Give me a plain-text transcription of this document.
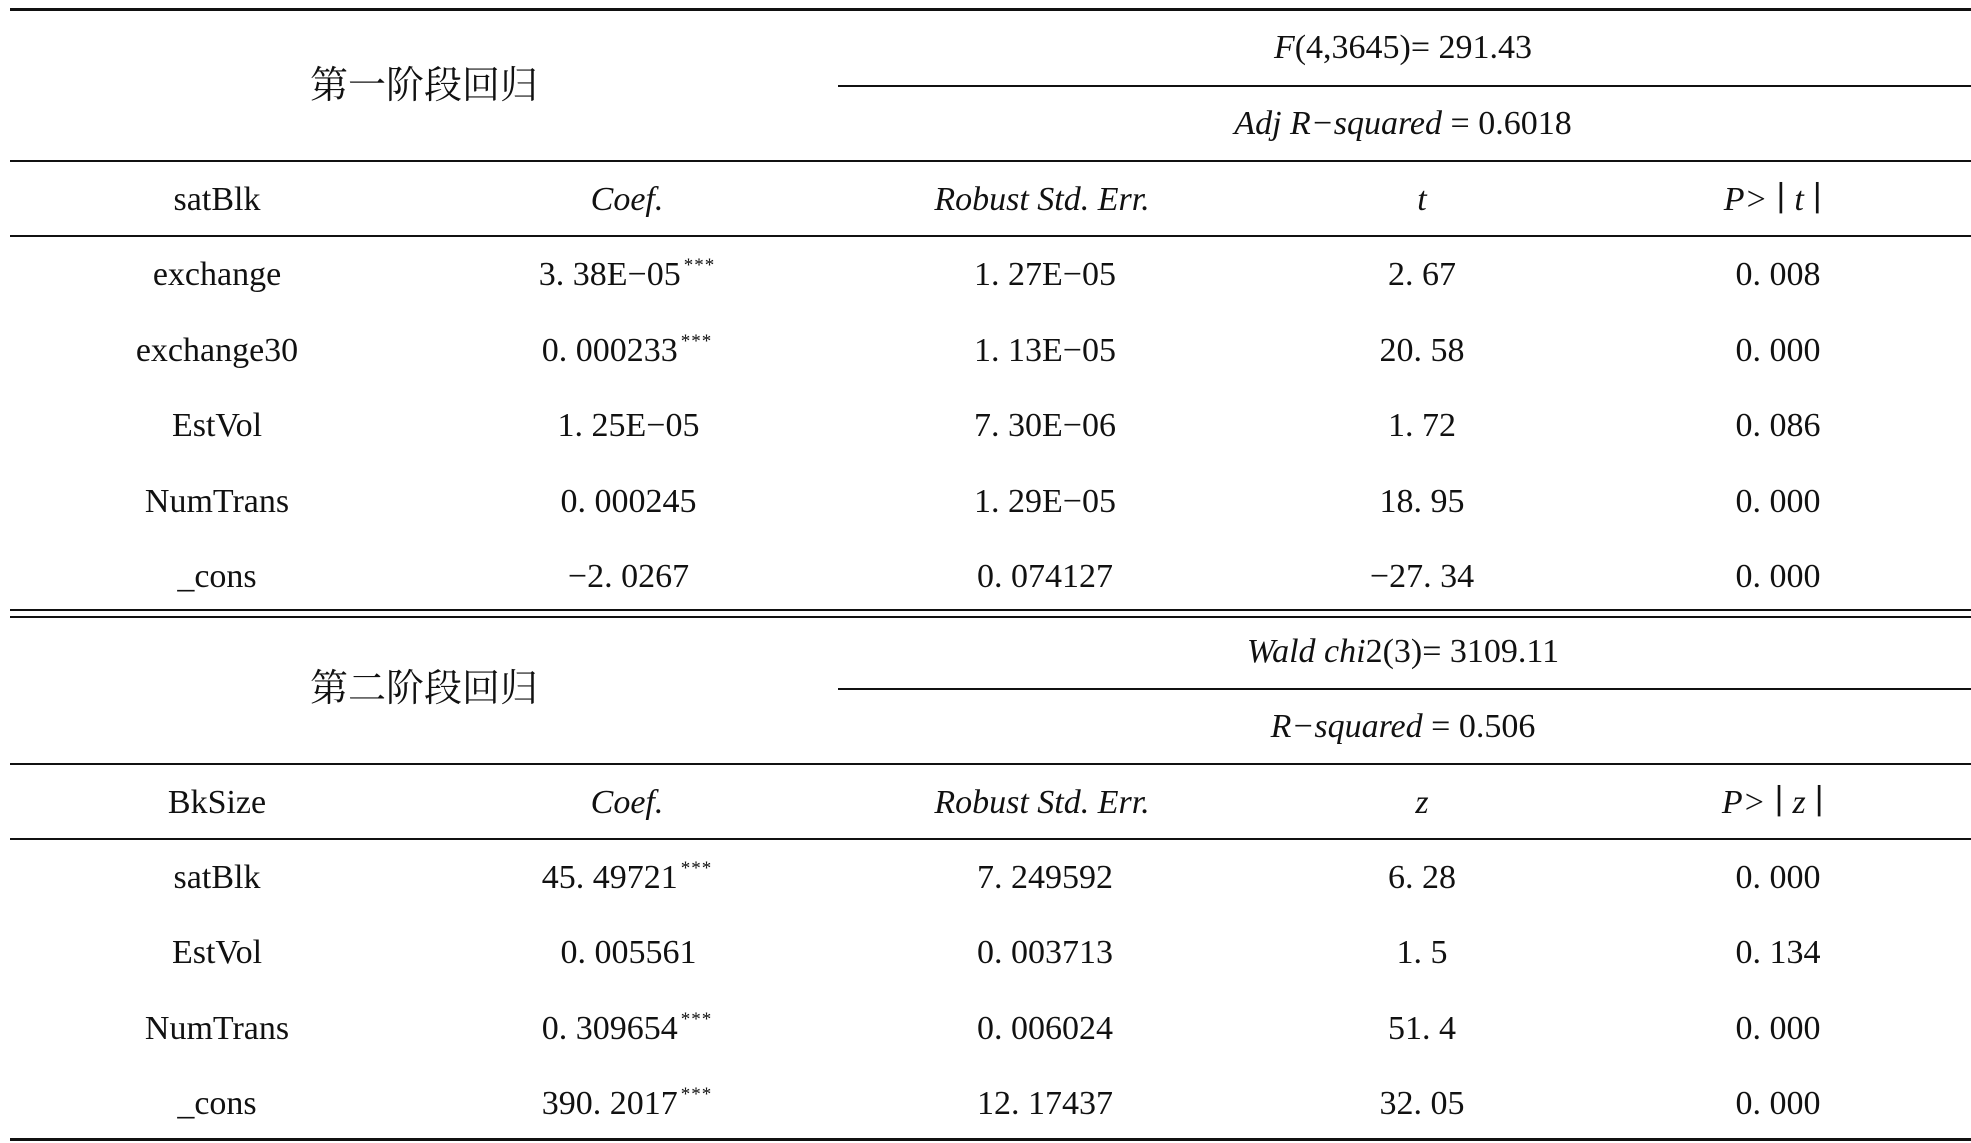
第一阶段回归
F(4,3645)= 291.43
Adj R−squared = 0.6018
satBlk	Coef.	Robust Std. Err.	t	P> ∣ t ∣
exchange	3. 38E−05 ***	1. 27E−05	2. 67	0. 008
exchange30	0. 000233 ***	1. 13E−05	20. 58	0. 000
EstVol	1. 25E−05	7. 30E−06	1. 72	0. 086
NumTrans	0. 000245	1. 29E−05	18. 95	0. 000
_cons	−2. 0267	0. 074127	−27. 34	0. 000
第二阶段回归
Wald chi2(3)= 3109.11
R−squared = 0.506
BkSize	Coef.	Robust Std. Err.	z	P> ∣ z ∣
satBlk	45. 49721 ***	7. 249592	6. 28	0. 000
EstVol	0. 005561	0. 003713	1. 5	0. 134
NumTrans	0. 309654 ***	0. 006024	51. 4	0. 000
_cons	390. 2017 ***	12. 17437	32. 05	0. 000
